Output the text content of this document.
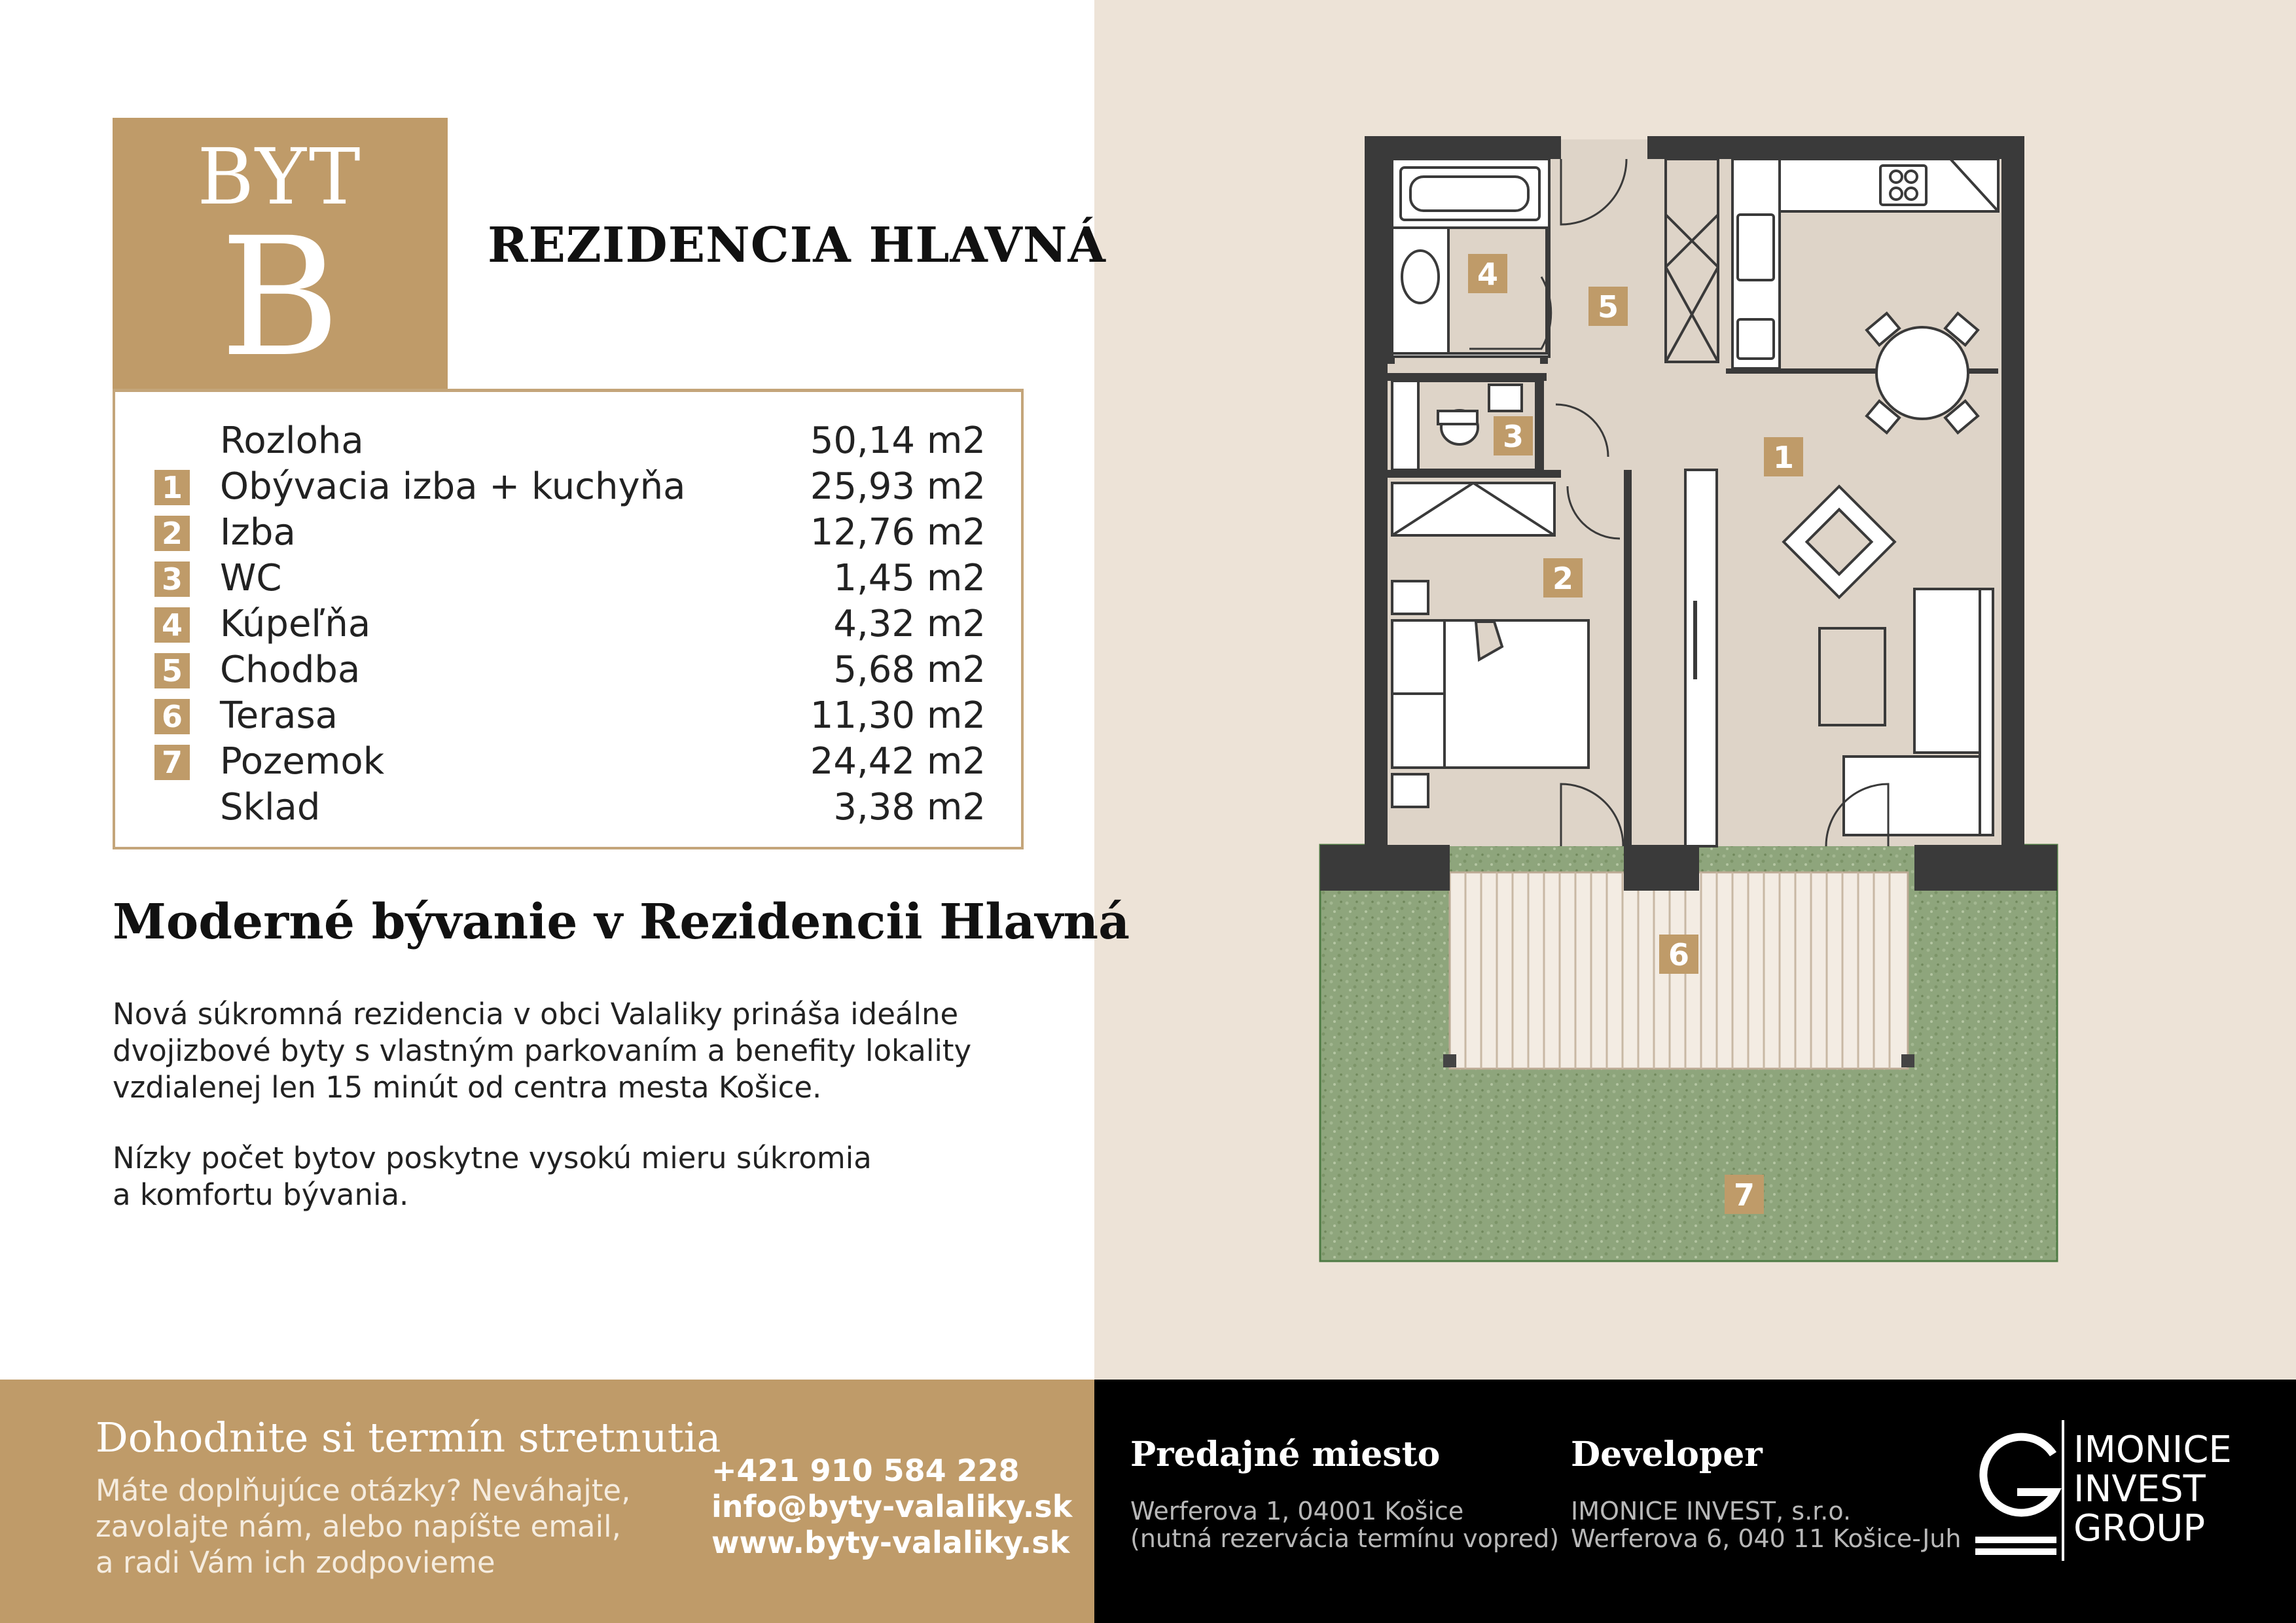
BYT
B	REZIDENCIA HLAVNÁ
Rozloha	50,14 m2
1 Obývacia izba + kuchyňa	25,93 m2
2 Izba	12,76 m2
3 WC	1,45 m2
4 Kúpeľňa	4,32 m2
5 Chodba	5,68 m2
6 Terasa	11,30 m2
7 Pozemok	24,42 m2
Sklad	3,38 m2
Moderné bývanie v Rezidencii Hlavná
Nová súkromná rezidencia v obci Valaliky prináša ideálne
dvojizbové byty s vlastným parkovaním a benefity lokality
vzdialenej len 15 minút od centra mesta Košice.
Nízky počet bytov poskytne vysokú mieru súkromia
a komfortu bývania.
1
2
3
4
5
6
7
Dohodnite si termín stretnutia
Máte doplňujúce otázky? Neváhajte,
zavolajte nám, alebo napíšte email,
a radi Vám ich zodpovieme
+421 910 584 228
info@byty-valaliky.sk
www.byty-valaliky.sk
Predajné miesto
Werferova 1, 04001 Košice
(nutná rezervácia termínu vopred)
Developer
IMONICE INVEST, s.r.o.
Werferova 6, 040 11 Košice-Juh
IMONICE
INVEST
GROUP
